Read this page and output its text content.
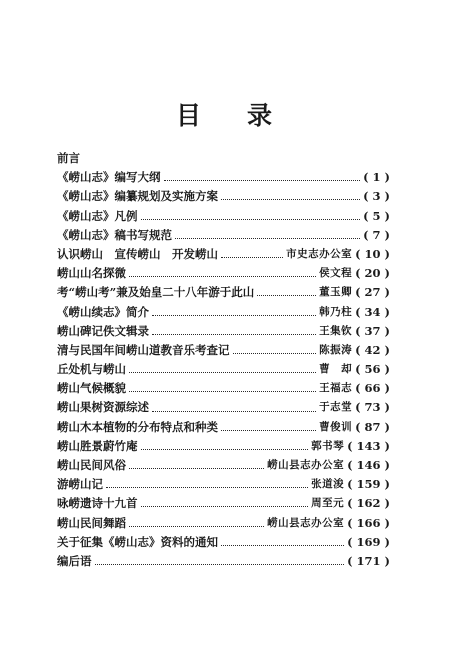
目 录
前言
《崂山志》编写大纲	( 1 )
《崂山志》编纂规划及实施方案	( 3 )
《崂山志》凡例	( 5 )
《崂山志》稿书写规范	( 7 )
认识崂山　宣传崂山　开发崂山	市史志办公室 ( 10 )
崂山山名探微	侯文程 ( 20 )
考“崂山考”兼及始皇二十八年游于此山	董玉卿 ( 27 )
《崂山续志》简介	韩乃柱 ( 34 )
崂山碑记佚文辑录	王集钦 ( 37 )
清与民国年间崂山道教音乐考查记	陈振涛 ( 42 )
丘处机与崂山	曹　却 ( 56 )
崂山气候概貌	王福志 ( 66 )
崂山果树资源综述	于志堂 ( 73 )
崂山木本植物的分布特点和种类	曹俊训 ( 87 )
崂山胜景蔚竹庵	郭书琴 ( 143 )
崂山民间风俗	崂山县志办公室 ( 146 )
游崂山记	张道浚 ( 159 )
咏崂遗诗十九首	周至元 ( 162 )
崂山民间舞蹈	崂山县志办公室 ( 166 )
关于征集《崂山志》资料的通知	( 169 )
编后语	( 171 )
